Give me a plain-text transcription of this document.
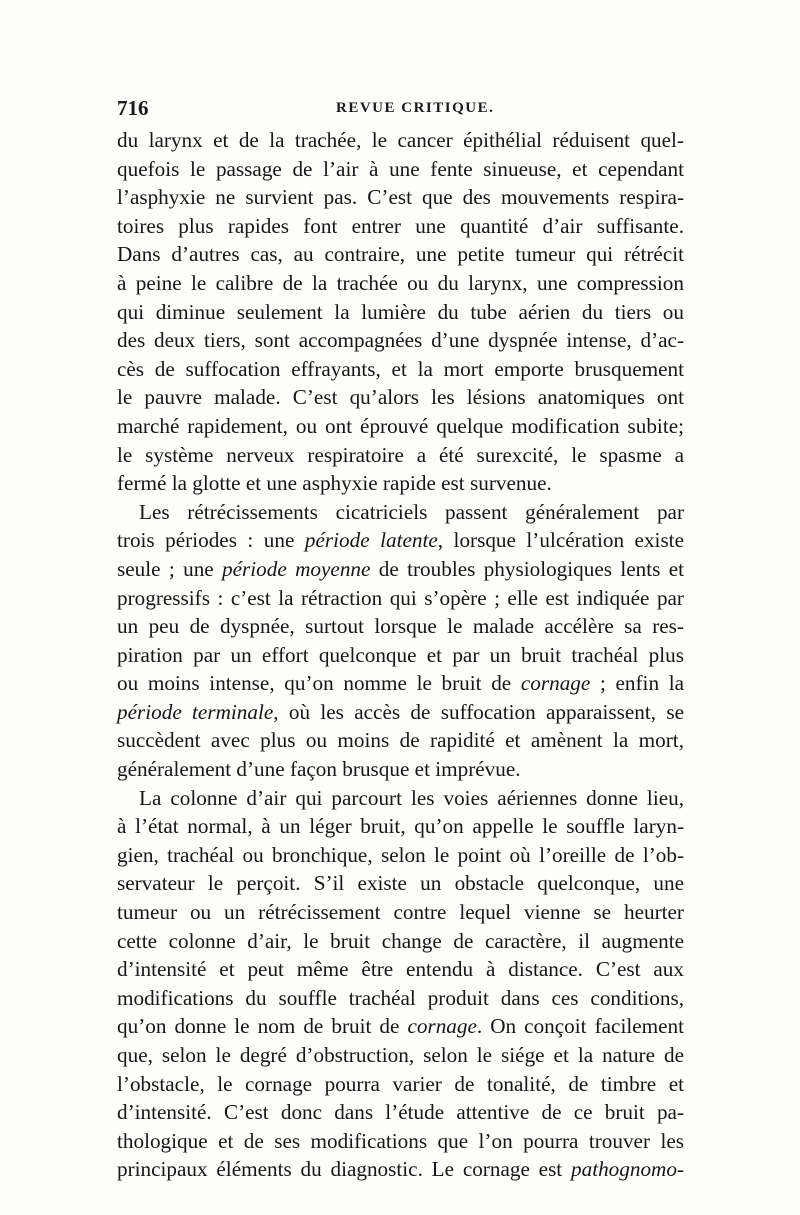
716	REVUE CRITIQUE.
du larynx et de la trachée, le cancer épithélial réduisent quel-
quefois le passage de l’air à une fente sinueuse, et cependant
l’asphyxie ne survient pas. C’est que des mouvements respira-
toires plus rapides font entrer une quantité d’air suffisante.
Dans d’autres cas, au contraire, une petite tumeur qui rétrécit
à peine le calibre de la trachée ou du larynx, une compression
qui diminue seulement la lumière du tube aérien du tiers ou
des deux tiers, sont accompagnées d’une dyspnée intense, d’ac-
cès de suffocation effrayants, et la mort emporte brusquement
le pauvre malade. C’est qu’alors les lésions anatomiques ont
marché rapidement, ou ont éprouvé quelque modification subite;
le système nerveux respiratoire a été surexcité, le spasme a
fermé la glotte et une asphyxie rapide est survenue.
Les rétrécissements cicatriciels passent généralement par
trois périodes : une période latente, lorsque l’ulcération existe
seule ; une période moyenne de troubles physiologiques lents et
progressifs : c’est la rétraction qui s’opère ; elle est indiquée par
un peu de dyspnée, surtout lorsque le malade accélère sa res-
piration par un effort quelconque et par un bruit trachéal plus
ou moins intense, qu’on nomme le bruit de cornage ; enfin la
période terminale, où les accès de suffocation apparaissent, se
succèdent avec plus ou moins de rapidité et amènent la mort,
généralement d’une façon brusque et imprévue.
La colonne d’air qui parcourt les voies aériennes donne lieu,
à l’état normal, à un léger bruit, qu’on appelle le souffle laryn-
gien, trachéal ou bronchique, selon le point où l’oreille de l’ob-
servateur le perçoit. S’il existe un obstacle quelconque, une
tumeur ou un rétrécissement contre lequel vienne se heurter
cette colonne d’air, le bruit change de caractère, il augmente
d’intensité et peut même être entendu à distance. C’est aux
modifications du souffle trachéal produit dans ces conditions,
qu’on donne le nom de bruit de cornage. On conçoit facilement
que, selon le degré d’obstruction, selon le siége et la nature de
l’obstacle, le cornage pourra varier de tonalité, de timbre et
d’intensité. C’est donc dans l’étude attentive de ce bruit pa-
thologique et de ses modifications que l’on pourra trouver les
principaux éléments du diagnostic. Le cornage est pathognomo-
